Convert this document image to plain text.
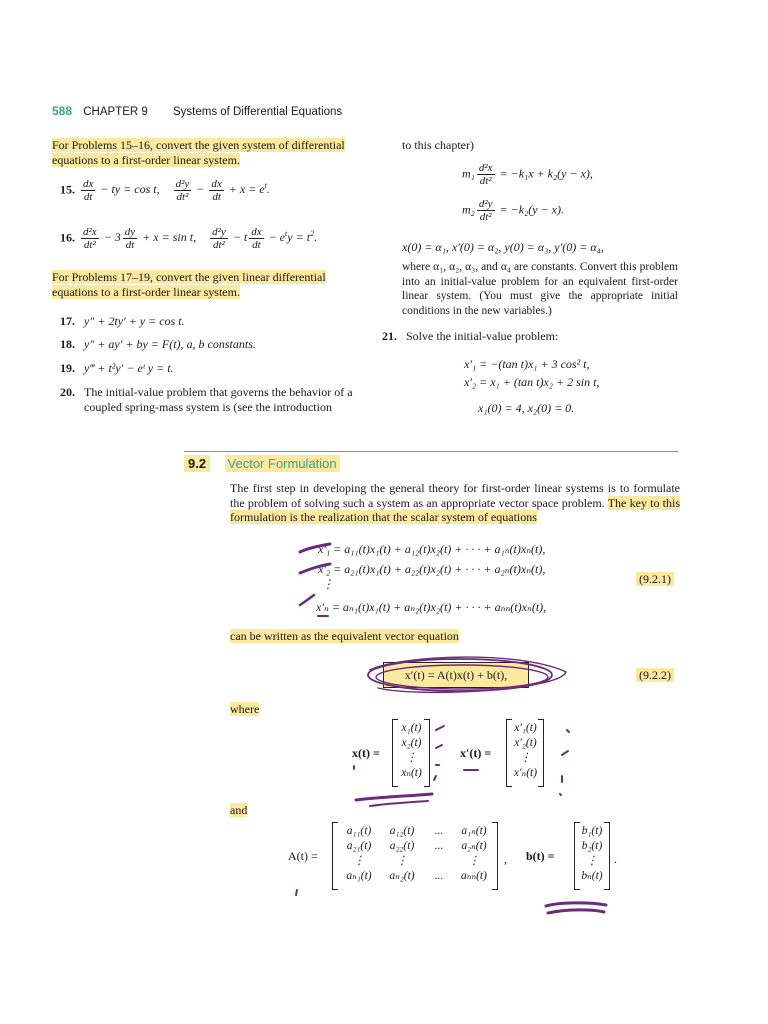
588 CHAPTER 9 Systems of Differential Equations
For Problems 15–16, convert the given system of differential equations to a first-order linear system.
15. $\frac{dx}{dt}$ − ty = cos t, $\frac{\text{d²y}}{\text{dt²}} - \frac{dx}{dt} + x = e^t$.
16. $\frac{\text{d²x}}{\text{dt²}} - 3 \frac{dy}{dt} + x = \sin t$, $\frac{\text{d²y}}{\text{dt²}} - t \frac{dx}{dt} - e^ty = t^2$.
For Problems 17–19, convert the given linear differential equations to a first-order linear system.
17. y″ + 2ty′ + y = cos t.
18. y″ + ay′ + by = F(t), a, b constants.
19. y‴ + t²y′ − eᵗ y = t.
20. The initial-value problem that governs the behavior of a coupled spring-mass system is (see the introduction
to this chapter)
$m_1 \frac{\text{d²x}}{\text{dt²}} = -k_1x + k_2(y - x)$,
$m_2 \frac{\text{d²y}}{\text{dt²}} = -k_2(y - x)$.
x(0) = α₁, x′(0) = α₂, y(0) = α₃, y′(0) = α₄,
where α₁, α₂, α₃, and α₄ are constants. Convert this problem into an initial-value problem for an equivalent first-order linear system. (You must give the appropriate initial conditions in the new variables.)
21. Solve the initial-value problem:
x′₁ = −(tan t)x₁ + 3 cos² t,
x′₂ = x₁ + (tan t)x₂ + 2 sin t,
x₁(0) = 4, x₂(0) = 0.
9.2 Vector Formulation
The first step in developing the general theory for first-order linear systems is to formulate the problem of solving such a system as an appropriate vector space problem. The key to this formulation is the realization that the scalar system of equations
x′₁ = a₁₁(t)x₁(t) + a₁₂(t)x₂(t) + · · · + a₁ₙ(t)xₙ(t),
x′₂ = a₂₁(t)x₁(t) + a₂₂(t)x₂(t) + · · · + a₂ₙ(t)xₙ(t),
⋮
x′ₙ = aₙ₁(t)x₁(t) + aₙ₂(t)x₂(t) + · · · + aₙₙ(t)xₙ(t),
(9.2.1)
can be written as the equivalent vector equation
x′(t) = A(t)x(t) + b(t),	(9.2.2)
where
x(t) =
x₁(t)
x₂(t)
⋮
xₙ(t)
x′(t) =
x′₁(t)
x′₂(t)
⋮
x′ₙ(t)
and
A(t) =
a₁₁(t)	a₁₂(t)	...	a₁ₙ(t)
a₂₁(t)	a₂₂(t)	...	a₂ₙ(t)
⋮	⋮	⋮
aₙ₁(t)	aₙ₂(t)	...	aₙₙ(t)
, b(t) =
b₁(t)
b₂(t)
⋮
bₙ(t)
.
